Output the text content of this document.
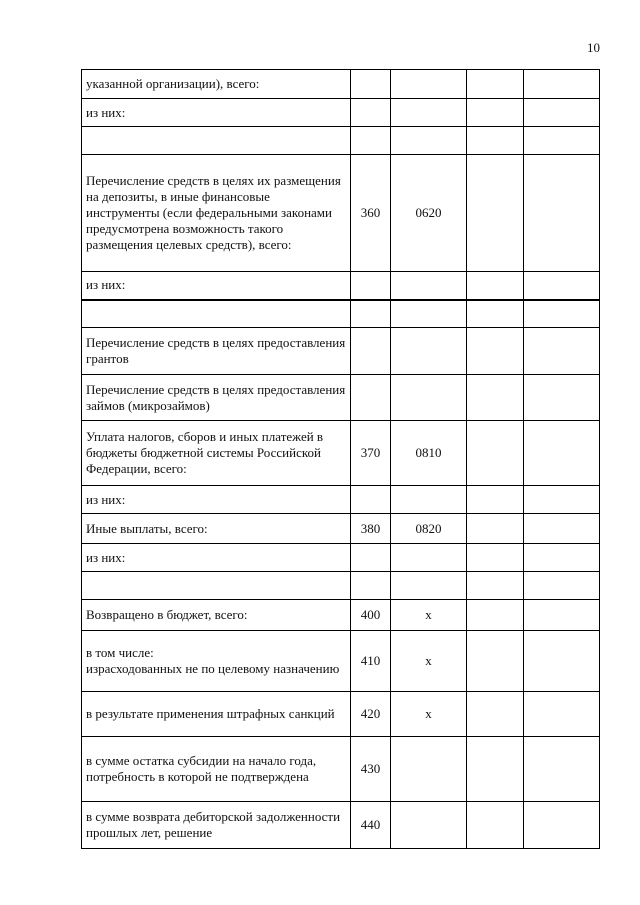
10
указанной организации), всего:				
из них:				

Перечисление средств в целях их размещения на депозиты, в иные финансовые инструменты (если федеральными законами предусмотрена возможность такого размещения целевых средств), всего:	360	0620		
из них:				

Перечисление средств в целях предоставления грантов				
Перечисление средств в целях предоставления займов (микрозаймов)				
Уплата налогов, сборов и иных платежей в бюджеты бюджетной системы Российской Федерации, всего:	370	0810		
из них:				
Иные выплаты, всего:	380	0820		
из них:				

Возвращено в бюджет, всего:	400	x		
в том числе:
израсходованных не по целевому назначению	410	x		
в результате применения штрафных санкций	420	x		
в сумме остатка субсидии на начало года, потребность в которой не подтверждена	430			
в сумме возврата дебиторской задолженности прошлых лет, решение	440			
